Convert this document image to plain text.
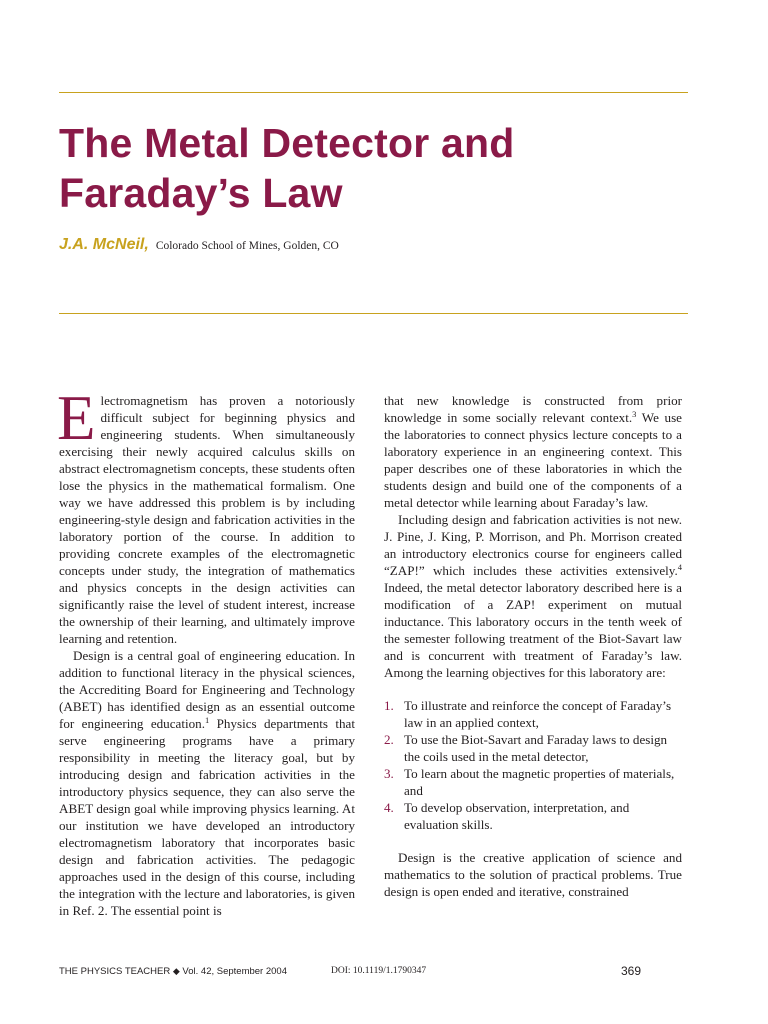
The Metal Detector and
Faraday’s Law
J.A. McNeil, Colorado School of Mines, Golden, CO

Electromagnetism has proven a notoriously difficult subject for beginning physics and engineering students. When simultaneously exercising their newly acquired calculus skills on abstract electromagnetism concepts, these students often lose the physics in the mathematical formalism. One way we have addressed this problem is by including engineering-style design and fabrication activities in the laboratory portion of the course. In addition to providing concrete examples of the electromagnetic concepts under study, the integration of mathematics and physics concepts in the design activities can significantly raise the level of student interest, increase the ownership of their learning, and ultimately improve learning and retention.

Design is a central goal of engineering education. In addition to functional literacy in the physical sciences, the Accrediting Board for Engineering and Technology (ABET) has identified design as an essential outcome for engineering education.$^1$ Physics departments that serve engineering programs have a primary responsibility in meeting the literacy goal, but by introducing design and fabrication activities in the introductory physics sequence, they can also serve the ABET design goal while improving physics learning. At our institution we have developed an introductory electromagnetism laboratory that incorporates basic design and fabrication activities. The pedagogic approaches used in the design of this course, including the integration with the lecture and laboratories, is given in Ref. 2. The essential point is

that new knowledge is constructed from prior knowledge in some socially relevant context.$^3$ We use the laboratories to connect physics lecture concepts to a laboratory experience in an engineering context. This paper describes one of these laboratories in which the students design and build one of the components of a metal detector while learning about Faraday’s law.

Including design and fabrication activities is not new. J. Pine, J. King, P. Morrison, and Ph. Morrison created an introductory electronics course for engineers called “ZAP!” which includes these activities extensively.$^4$ Indeed, the metal detector laboratory described here is a modification of a ZAP! experiment on mutual inductance. This laboratory occurs in the tenth week of the semester following treatment of the Biot-Savart law and is concurrent with treatment of Faraday’s law. Among the learning objectives for this laboratory are:

1. To illustrate and reinforce the concept of Faraday’s law in an applied context,
2. To use the Biot-Savart and Faraday laws to design the coils used in the metal detector,
3. To learn about the magnetic properties of materials, and
4. To develop observation, interpretation, and evaluation skills.

Design is the creative application of science and mathematics to the solution of practical problems. True design is open ended and iterative, constrained

THE PHYSICS TEACHER ◆ Vol. 42, September 2004	DOI: 10.1119/1.1790347	369
